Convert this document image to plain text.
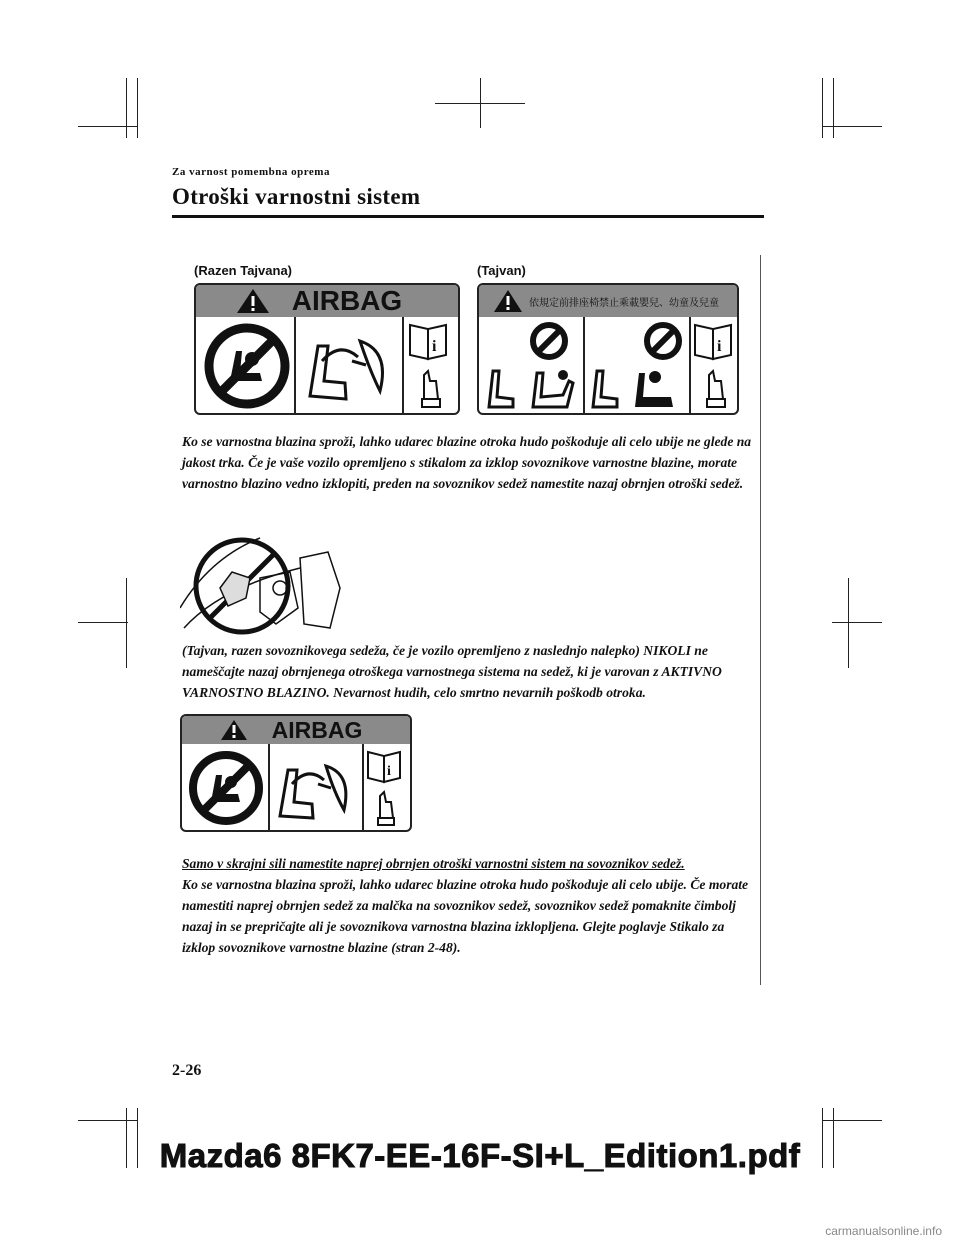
Za varnost pomembna oprema
Otroški varnostni sistem
(Razen Tajvana)	(Tajvan)
AIRBAG
i
依規定前排座椅禁止乘載嬰兒、幼童及兒童
i
Ko se varnostna blazina sproži, lahko udarec blazine otroka hudo poškoduje ali celo ubije ne glede na jakost trka. Če je vaše vozilo opremljeno s stikalom za izklop sovoznikove varnostne blazine, morate varnostno blazino vedno izklopiti, preden na sovoznikov sedež namestite nazaj obrnjen otroški sedež.
(Tajvan, razen sovoznikovega sedeža, če je vozilo opremljeno z naslednjo nalepko) NIKOLI ne nameščajte nazaj obrnjenega otroškega varnostnega sistema na sedež, ki je varovan z AKTIVNO VARNOSTNO BLAZINO. Nevarnost hudih, celo smrtno nevarnih poškodb otroka.
AIRBAG
i

Samo v skrajni sili namestite naprej obrnjen otroški varnostni sistem na sovoznikov sedež.

Ko se varnostna blazina sproži, lahko udarec blazine otroka hudo poškoduje ali celo ubije. Če morate namestiti naprej obrnjen sedež za malčka na sovoznikov sedež, sovoznikov sedež pomaknite čimbolj nazaj in se prepričajte ali je sovoznikova varnostna blazina izklopljena. Glejte poglavje Stikalo za izklop sovoznikove varnostne blazine (stran 2-48).

2-26
Mazda6 8FK7-EE-16F-SI+L_Edition1.pdf
carmanualsonline.info
